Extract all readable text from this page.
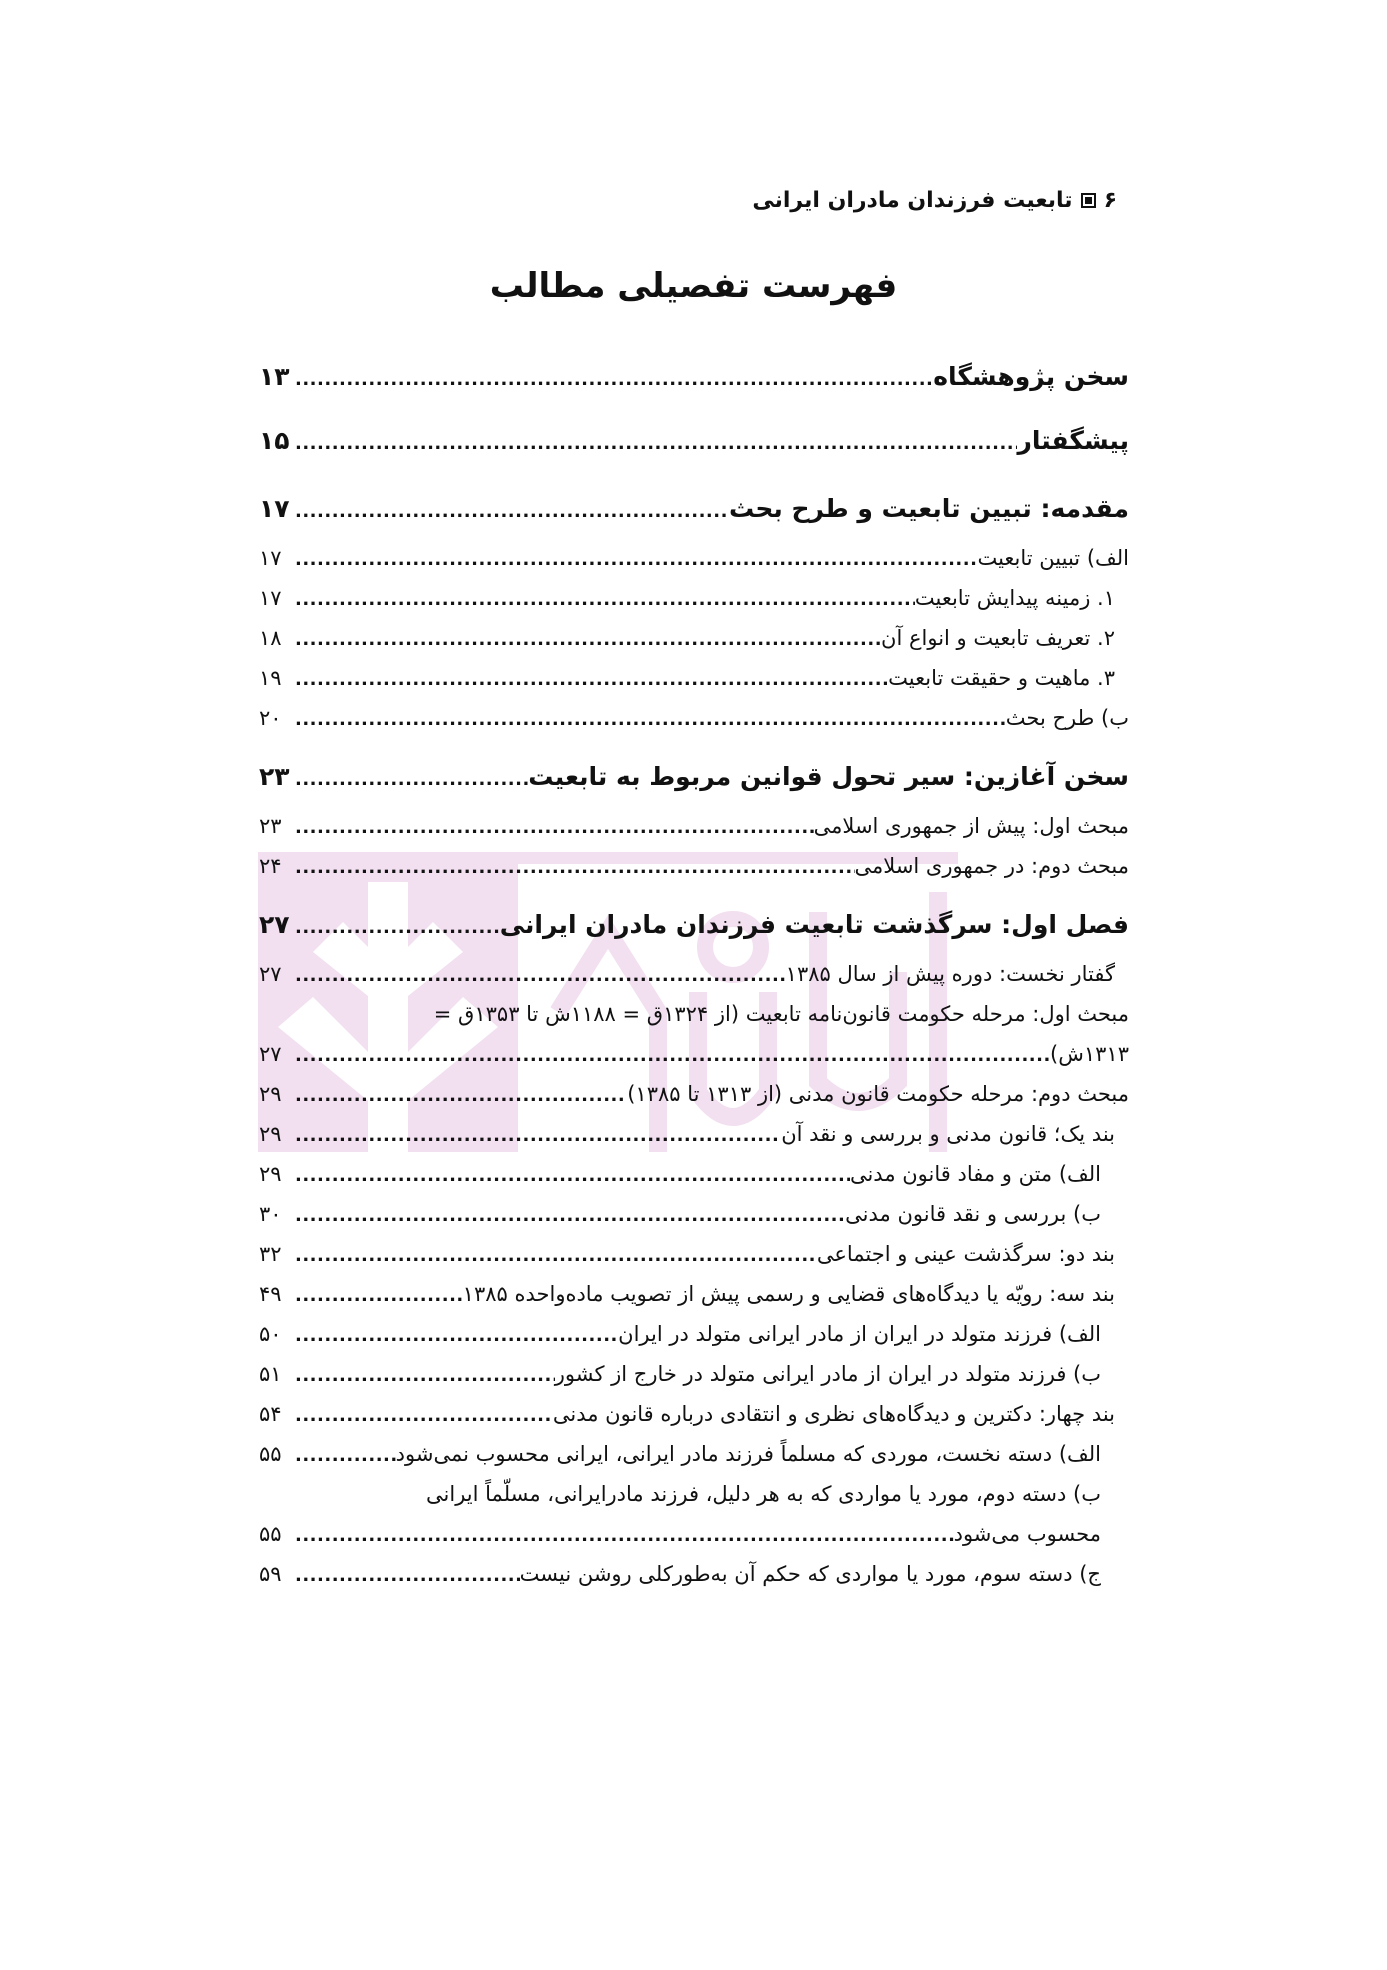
۶
تابعیت فرزندان مادران ایرانی
فهرست تفصیلی مطالب
سخن پژوهشگاه
.....
۱۳
پیشگفتار
.....
۱۵
مقدمه: تبیین تابعیت و طرح بحث
.....
۱۷
الف) تبیین تابعیت
.....
۱۷
۱. زمینه پیدایش تابعیت
.....
۱۷
۲. تعریف تابعیت و انواع آن
.....
۱۸
۳. ماهیت و حقیقت تابعیت
.....
۱۹
ب) طرح بحث
.....
۲۰
سخن آغازین: سیر تحول قوانین مربوط به تابعیت
.....
۲۳
مبحث اول: پیش از جمهوری اسلامی
.....
۲۳
مبحث دوم: در جمهوری اسلامی
.....
۲۴
فصل اول: سرگذشت تابعیت فرزندان مادران ایرانی
.....
۲۷
گفتار نخست: دوره پیش از سال ۱۳۸۵
.....
۲۷
مبحث اول: مرحله حکومت قانون‌نامه تابعیت (از ۱۳۲۴ق = ۱۱۸۸ش تا ۱۳۵۳ق =
۱۳۱۳ش)
.....
۲۷
مبحث دوم: مرحله حکومت قانون مدنی (از ۱۳۱۳ تا ۱۳۸۵)
.....
۲۹
بند یک؛ قانون مدنی و بررسی و نقد آن
.....
۲۹
الف) متن و مفاد قانون مدنی
.....
۲۹
ب) بررسی و نقد قانون مدنی
.....
۳۰
بند دو: سرگذشت عینی و اجتماعی
.....
۳۲
بند سه: رویّه یا دیدگاه‌های قضایی و رسمی پیش از تصویب ماده‌واحده ۱۳۸۵
.....
۴۹
الف) فرزند متولد در ایران از مادر ایرانی متولد در ایران
.....
۵۰
ب) فرزند متولد در ایران از مادر ایرانی متولد در خارج از کشور
.....
۵۱
بند چهار: دکترین و دیدگاه‌های نظری و انتقادی درباره قانون مدنی
.....
۵۴
الف) دسته نخست، موردی که مسلماً فرزند مادر ایرانی، ایرانی محسوب نمی‌شود
.....
۵۵
ب) دسته دوم، مورد یا مواردی که به هر دلیل، فرزند مادرایرانی، مسلّماً ایرانی
محسوب می‌شود
.....
۵۵
ج) دسته سوم، مورد یا مواردی که حکم آن به‌طورکلی روشن نیست
.....
۵۹
